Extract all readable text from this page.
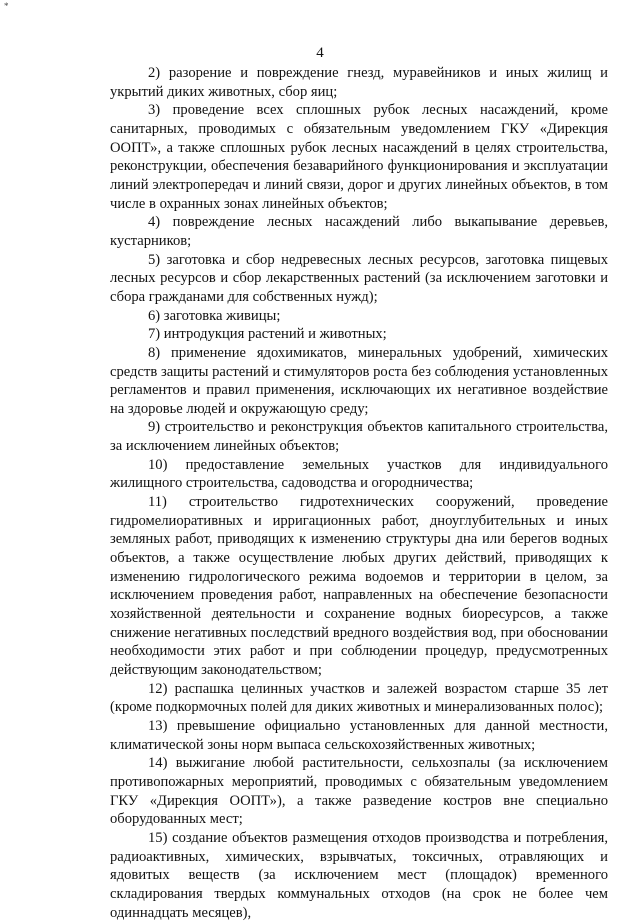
*
4

2) разорение и повреждение гнезд, муравейников и иных жилищ и укрытий диких животных, сбор яиц;

3) проведение всех сплошных рубок лесных насаждений, кроме санитарных, проводимых с обязательным уведомлением ГКУ «Дирекция ООПТ», а также сплошных рубок лесных насаждений в целях строительства, реконструкции, обеспечения безаварийного функционирования и эксплуатации линий электропередач и линий связи, дорог и других линейных объектов, в том числе в охранных зонах линейных объектов;

4) повреждение лесных насаждений либо выкапывание деревьев, кустарников;

5) заготовка и сбор недревесных лесных ресурсов, заготовка пищевых лесных ресурсов и сбор лекарственных растений (за исключением заготовки и сбора гражданами для собственных нужд);

6) заготовка живицы;

7) интродукция растений и животных;

8) применение ядохимикатов, минеральных удобрений, химических средств защиты растений и стимуляторов роста без соблюдения установленных регламентов и правил применения, исключающих их негативное воздействие на здоровье людей и окружающую среду;

9) строительство и реконструкция объектов капитального строительства, за исключением линейных объектов;

10) предоставление земельных участков для индивидуального жилищного строительства, садоводства и огородничества;

11) строительство гидротехнических сооружений, проведение гидромелиоративных и ирригационных работ, дноуглубительных и иных земляных работ, приводящих к изменению структуры дна или берегов водных объектов, а также осуществление любых других действий, приводящих к изменению гидрологического режима водоемов и территории в целом, за исключением проведения работ, направленных на обеспечение безопасности хозяйственной деятельности и сохранение водных биоресурсов, а также снижение негативных последствий вредного воздействия вод, при обосновании необходимости этих работ и при соблюдении процедур, предусмотренных действующим законодательством;

12) распашка целинных участков и залежей возрастом старше 35 лет (кроме подкормочных полей для диких животных и минерализованных полос);

13) превышение официально установленных для данной местности, климатической зоны норм выпаса сельскохозяйственных животных;

14) выжигание любой растительности, сельхозпалы (за исключением противопожарных мероприятий, проводимых с обязательным уведомлением ГКУ «Дирекция ООПТ»), а также разведение костров вне специально оборудованных мест;

15) создание объектов размещения отходов производства и потребления, радиоактивных, химических, взрывчатых, токсичных, отравляющих и ядовитых веществ (за исключением мест (площадок) временного складирования твердых коммунальных отходов (на срок не более чем одиннадцать месяцев),
